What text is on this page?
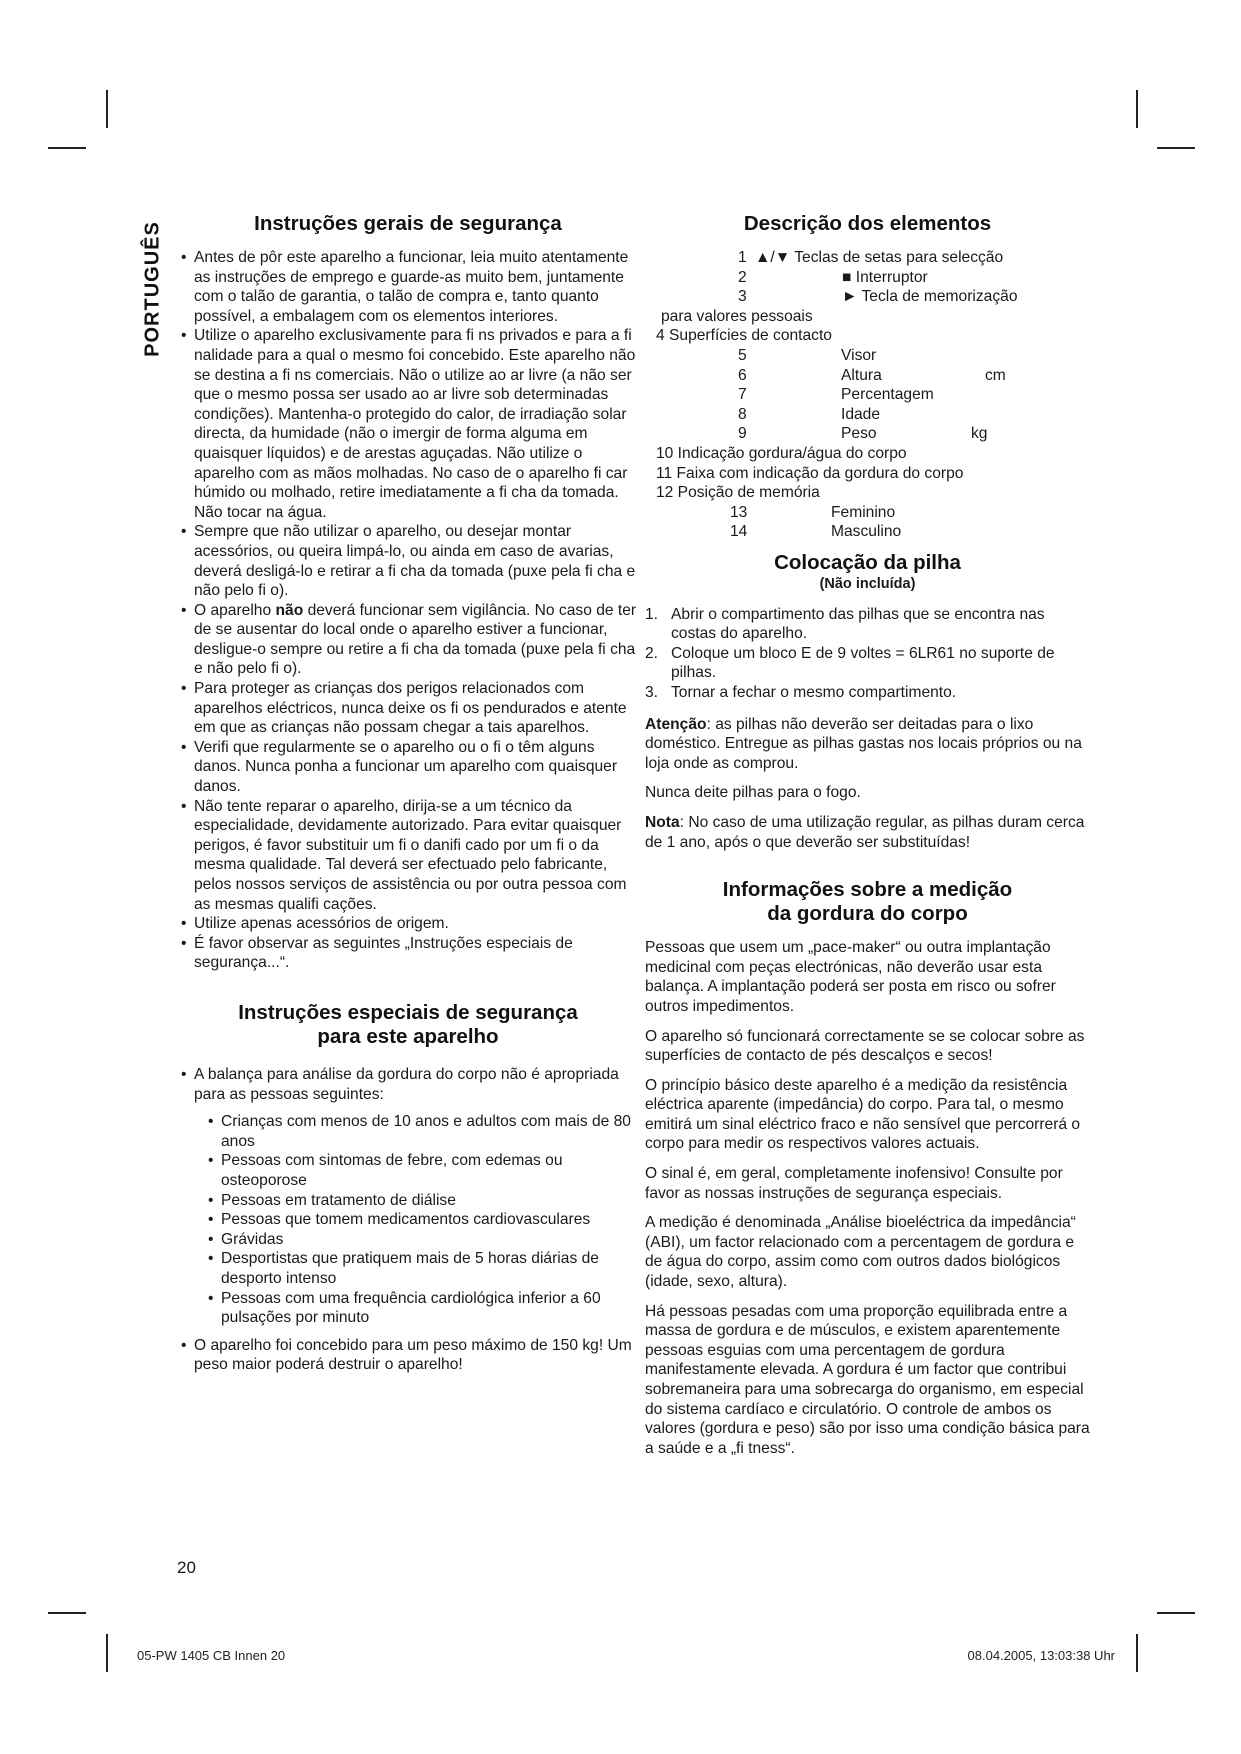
PORTUGUÊS	Instruções gerais de segurança
• Antes de pôr este aparelho a funcionar, leia muito atentamente as instruções de emprego e guarde-as muito bem, juntamente com o talão de garantia, o talão de compra e, tanto quanto possível, a embalagem com os elementos interiores.
• Utilize o aparelho exclusivamente para fi ns privados e para a fi nalidade para a qual o mesmo foi concebido. Este aparelho não se destina a fi ns comerciais. Não o utilize ao ar livre (a não ser que o mesmo possa ser usado ao ar livre sob determinadas condições). Mantenha-o protegido do calor, de irradiação solar directa, da humidade (não o imergir de forma alguma em quaisquer líquidos) e de arestas aguçadas. Não utilize o aparelho com as mãos molhadas. No caso de o aparelho fi car húmido ou molhado, retire imediatamente a fi cha da tomada. Não tocar na água.
• Sempre que não utilizar o aparelho, ou desejar montar acessórios, ou queira limpá-lo, ou ainda em caso de avarias, deverá desligá-lo e retirar a fi cha da tomada (puxe pela fi cha e não pelo fi o).
• O aparelho não deverá funcionar sem vigilância. No caso de ter de se ausentar do local onde o aparelho estiver a funcionar, desligue-o sempre ou retire a fi cha da tomada (puxe pela fi cha e não pelo fi o).
• Para proteger as crianças dos perigos relacionados com aparelhos eléctricos, nunca deixe os fi os pendurados e atente em que as crianças não possam chegar a tais aparelhos.
• Verifi que regularmente se o aparelho ou o fi o têm alguns danos. Nunca ponha a funcionar um aparelho com quaisquer danos.
• Não tente reparar o aparelho, dirija-se a um técnico da especialidade, devidamente autorizado. Para evitar quaisquer perigos, é favor substituir um fi o danifi cado por um fi o da mesma qualidade. Tal deverá ser efectuado pelo fabricante, pelos nossos serviços de assistência ou por outra pessoa com as mesmas qualifi cações.
• Utilize apenas acessórios de origem.
• É favor observar as seguintes „Instruções especiais de segurança...“.
Instruções especiais de segurança
para este aparelho
• A balança para análise da gordura do corpo não é apropriada para as pessoas seguintes:
• Crianças com menos de 10 anos e adultos com mais de 80 anos
• Pessoas com sintomas de febre, com edemas ou osteoporose
• Pessoas em tratamento de diálise
• Pessoas que tomem medicamentos cardiovasculares
• Grávidas
• Desportistas que pratiquem mais de 5 horas diárias de desporto intenso
• Pessoas com uma frequência cardiológica inferior a 60 pulsações por minuto
• O aparelho foi concebido para um peso máximo de 150 kg! Um peso maior poderá destruir o aparelho!
Descrição dos elementos
1 ▲/▼ Teclas de setas para selecção
2	■ Interruptor
3	► Tecla de memorização
para valores pessoais
4 Superfícies de contacto
5	Visor
6	Altura	cm
7	Percentagem
8	Idade
9	Peso	kg
10 Indicação gordura/água do corpo
11 Faixa com indicação da gordura do corpo
12 Posição de memória
13	Feminino
14	Masculino
Colocação da pilha
(Não incluída)
1. Abrir o compartimento das pilhas que se encontra nas costas do aparelho.
2. Coloque um bloco E de 9 voltes = 6LR61 no suporte de pilhas.
3. Tornar a fechar o mesmo compartimento.

Atenção: as pilhas não deverão ser deitadas para o lixo doméstico. Entregue as pilhas gastas nos locais próprios ou na loja onde as comprou.

Nunca deite pilhas para o fogo.

Nota: No caso de uma utilização regular, as pilhas duram cerca de 1 ano, após o que deverão ser substituídas!

Informações sobre a medição
da gordura do corpo

Pessoas que usem um „pace-maker“ ou outra implantação medicinal com peças electrónicas, não deverão usar esta balança. A implantação poderá ser posta em risco ou sofrer outros impedimentos.

O aparelho só funcionará correctamente se se colocar sobre as superfícies de contacto de pés descalços e secos!

O princípio básico deste aparelho é a medição da resistência eléctrica aparente (impedância) do corpo. Para tal, o mesmo emitirá um sinal eléctrico fraco e não sensível que percorrerá o corpo para medir os respectivos valores actuais.

O sinal é, em geral, completamente inofensivo! Consulte por favor as nossas instruções de segurança especiais.

A medição é denominada „Análise bioeléctrica da impedância“ (ABI), um factor relacionado com a percentagem de gordura e de água do corpo, assim como com outros dados biológicos (idade, sexo, altura).

Há pessoas pesadas com uma proporção equilibrada entre a massa de gordura e de músculos, e existem aparentemente pessoas esguias com uma percentagem de gordura manifestamente elevada. A gordura é um factor que contribui sobremaneira para uma sobrecarga do organismo, em especial do sistema cardíaco e circulatório. O controle de ambos os valores (gordura e peso) são por isso uma condição básica para a saúde e a „fi tness“.

20
05-PW 1405 CB Innen 20	08.04.2005, 13:03:38 Uhr
